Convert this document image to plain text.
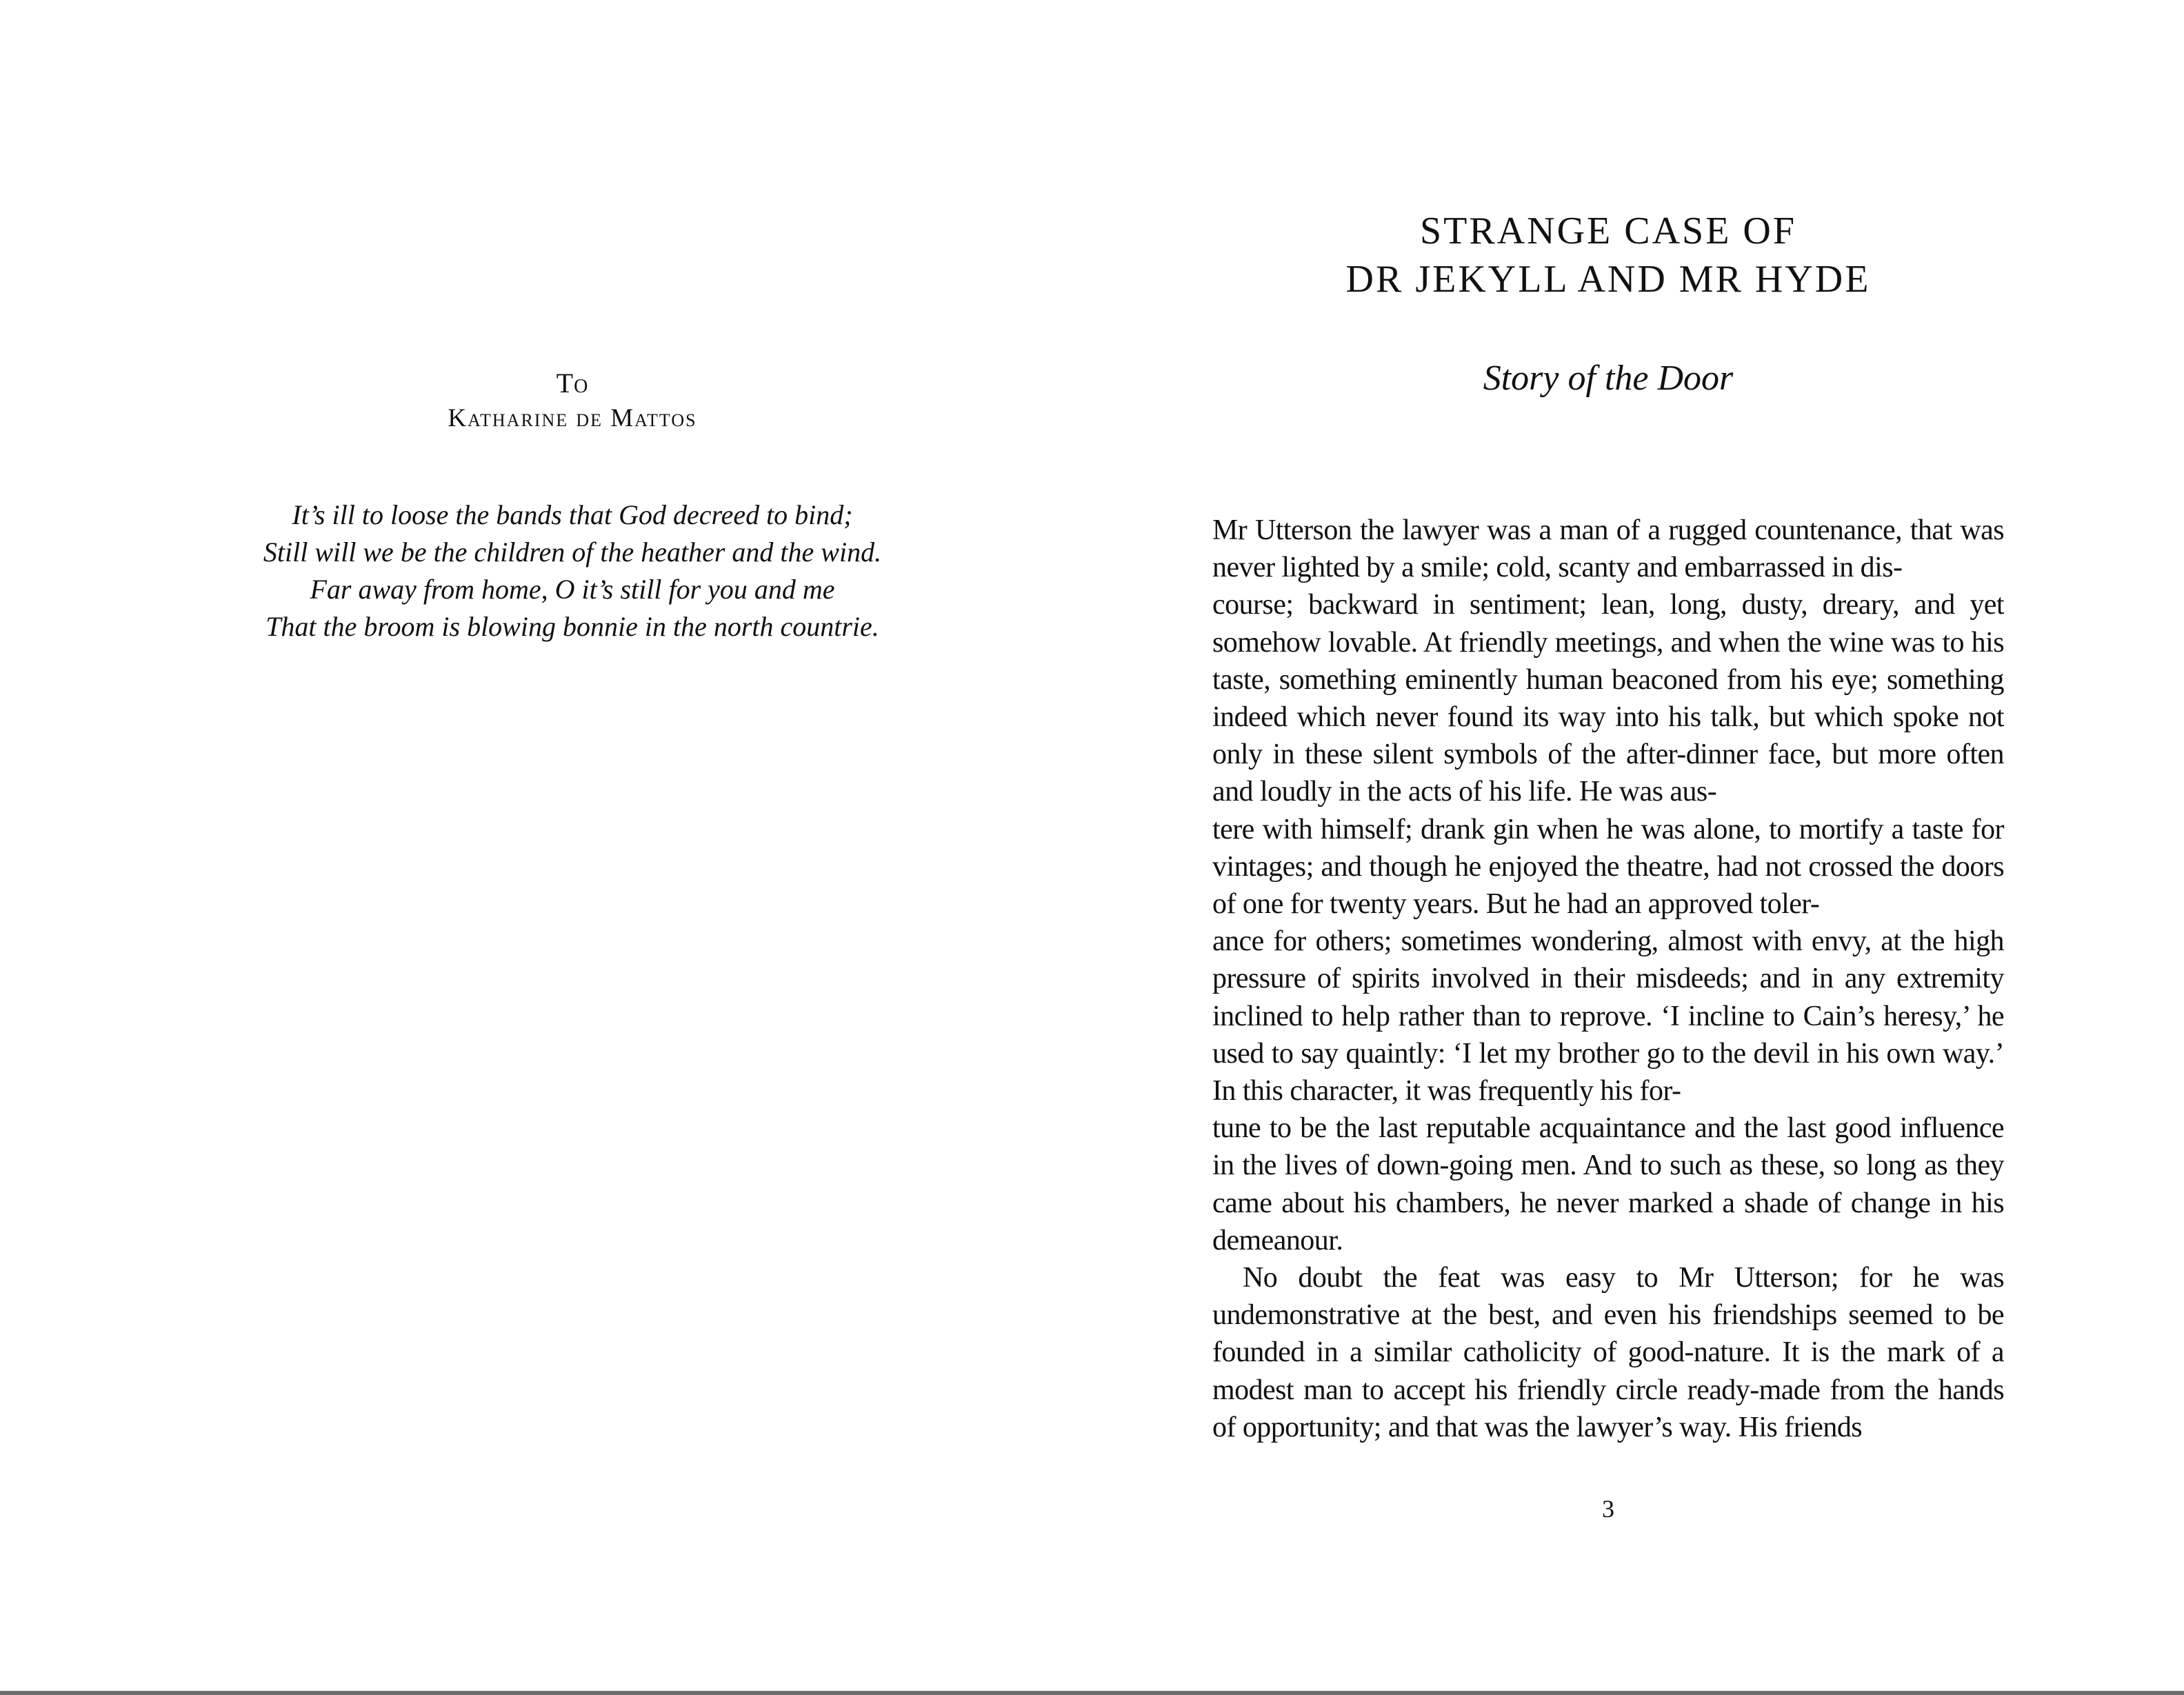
To

Katharine de Mattos

It’s ill to loose the bands that God decreed to bind;

Still will we be the children of the heather and the wind.

Far away from home, O it’s still for you and me

That the broom is blowing bonnie in the north countrie.

STRANGE CASE OF
DR JEKYLL AND MR HYDE
Story of the Door

Mr Utterson the lawyer was a man of a rugged countenance, that was never lighted by a smile; cold, scanty and embarrassed in dis-
course; backward in sentiment; lean, long, dusty, dreary, and yet somehow lovable. At friendly meetings, and when the wine was to his taste, something eminently human beaconed from his eye; something indeed which never found its way into his talk, but which spoke not only in these silent symbols of the after-dinner face, but more often and loudly in the acts of his life. He was aus-
tere with himself; drank gin when he was alone, to mortify a taste for vintages; and though he enjoyed the theatre, had not crossed the doors of one for twenty years. But he had an approved toler-
ance for others; sometimes wondering, almost with envy, at the high pressure of spirits involved in their misdeeds; and in any extremity inclined to help rather than to reprove. ‘I incline to Cain’s heresy,’ he used to say quaintly: ‘I let my brother go to the devil in his own way.’ In this character, it was frequently his for-
tune to be the last reputable acquaintance and the last good influence in the lives of down-going men. And to such as these, so long as they came about his chambers, he never marked a shade of change in his demeanour.

No doubt the feat was easy to Mr Utterson; for he was undemonstrative at the best, and even his friendships seemed to be founded in a similar catholicity of good-nature. It is the mark of a modest man to accept his friendly circle ready-made from the hands of opportunity; and that was the lawyer’s way. His friends

3
